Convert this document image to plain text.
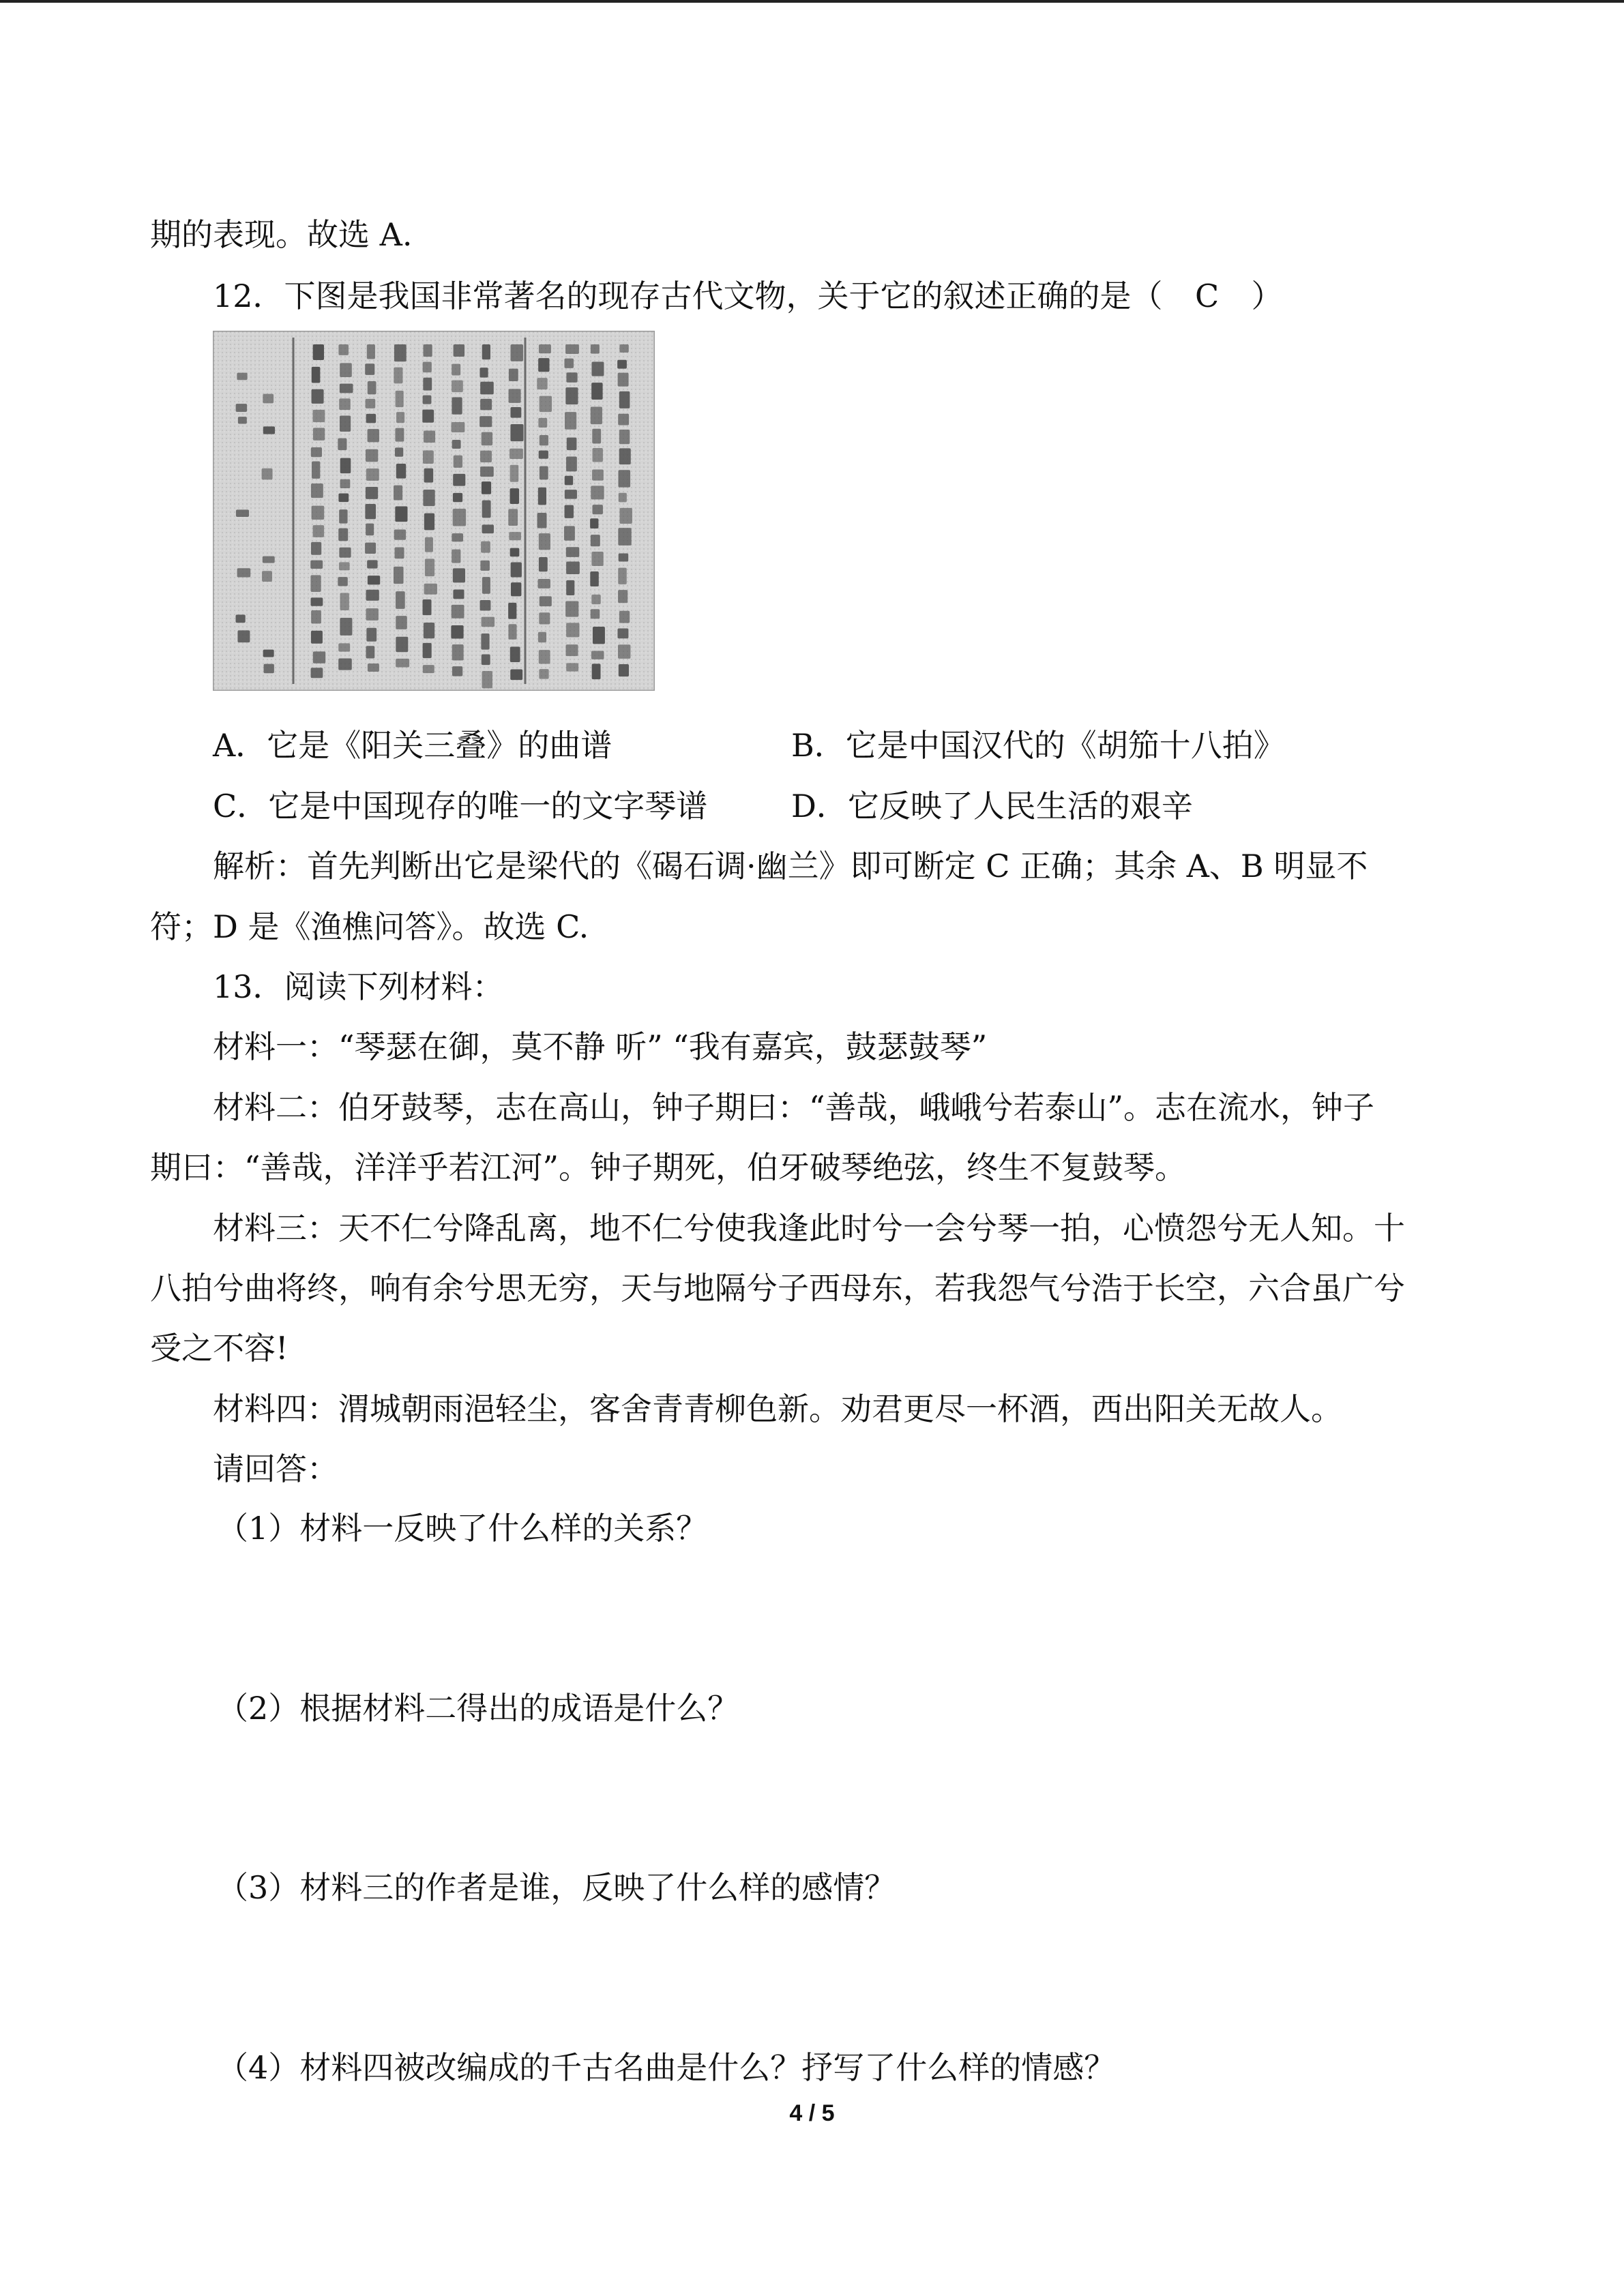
期的表现。故选 A.
12．下图是我国非常著名的现存古代文物，关于它的叙述正确的是（ C ）
A．它是《阳关三叠》的曲谱	B．它是中国汉代的《胡笳十八拍》
C．它是中国现存的唯一的文字琴谱	D．它反映了人民生活的艰辛
解析：首先判断出它是梁代的《碣石调·幽兰》即可断定 C 正确；其余 A、B 明显不
符；D 是《渔樵问答》。故选 C.
13．阅读下列材料：
材料一：“琴瑟在御，莫不静 听” “我有嘉宾，鼓瑟鼓琴”
材料二：伯牙鼓琴，志在高山，钟子期曰：“善哉，峨峨兮若泰山”。志在流水，钟子
期曰：“善哉，洋洋乎若江河”。钟子期死，伯牙破琴绝弦，终生不复鼓琴。
材料三：天不仁兮降乱离，地不仁兮使我逢此时兮一会兮琴一拍，心愤怨兮无人知。十
八拍兮曲将终，响有余兮思无穷，天与地隔兮子西母东，若我怨气兮浩于长空，六合虽广兮
受之不容!
材料四：渭城朝雨浥轻尘，客舍青青柳色新。劝君更尽一杯酒，西出阳关无故人。
请回答：
（1）材料一反映了什么样的关系？
（2）根据材料二得出的成语是什么？
（3）材料三的作者是谁，反映了什么样的感情？
（4）材料四被改编成的千古名曲是什么？抒写了什么样的情感？
4 / 5
